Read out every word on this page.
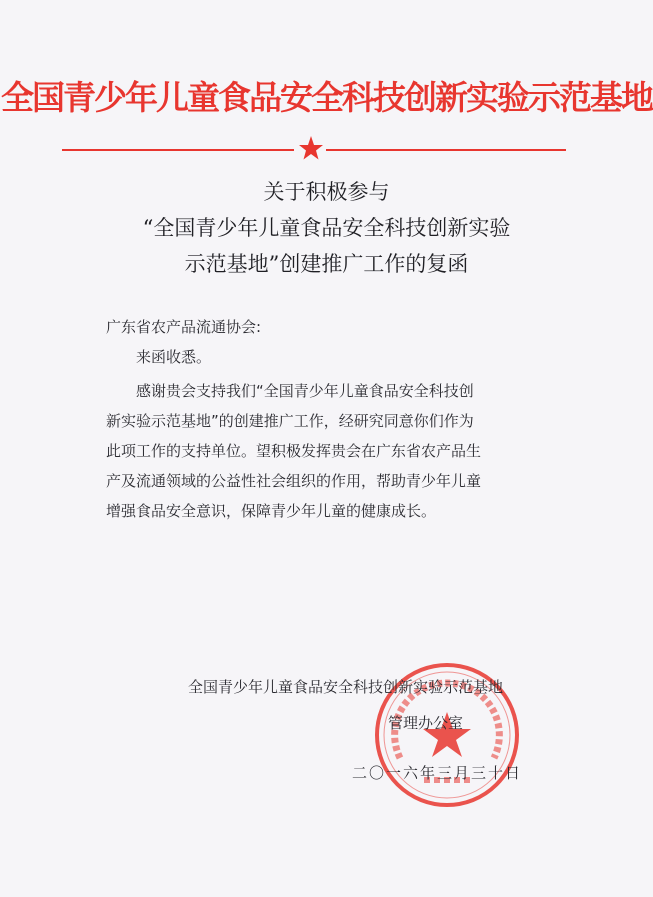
全国青少年儿童食品安全科技创新实验示范基地
关于积极参与
“全国青少年儿童食品安全科技创新实验
示范基地”创建推广工作的复函
广东省农产品流通协会:
来函收悉。
感谢贵会支持我们“全国青少年儿童食品安全科技创
新实验示范基地”的创建推广工作，经研究同意你们作为
此项工作的支持单位。望积极发挥贵会在广东省农产品生
产及流通领域的公益性社会组织的作用，帮助青少年儿童
增强食品安全意识，保障青少年儿童的健康成长。
全国青少年儿童食品安全科技创新实验示范基地
管理办公室
二〇一六年三月三十日
